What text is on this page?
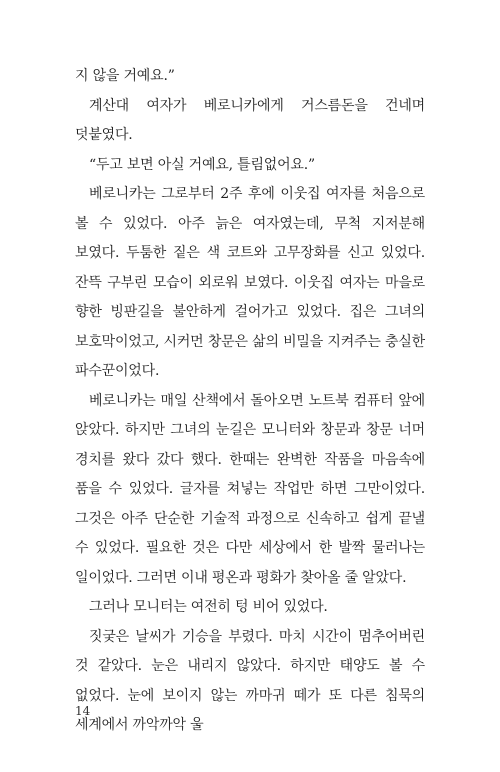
지 않을 거예요.”

계산대 여자가 베로니카에게 거스름돈을 건네며 덧붙였다.

“두고 보면 아실 거예요, 틀림없어요.”

베로니카는 그로부터 2주 후에 이웃집 여자를 처음으로 볼 수 있었다. 아주 늙은 여자였는데, 무척 지저분해 보였다. 두툼한 짙은 색 코트와 고무장화를 신고 있었다. 잔뜩 구부린 모습이 외로워 보였다. 이웃집 여자는 마을로 향한 빙판길을 불안하게 걸어가고 있었다. 집은 그녀의 보호막이었고, 시커먼 창문은 삶의 비밀을 지켜주는 충실한 파수꾼이었다.

베로니카는 매일 산책에서 돌아오면 노트북 컴퓨터 앞에 앉았다. 하지만 그녀의 눈길은 모니터와 창문과 창문 너머 경치를 왔다 갔다 했다. 한때는 완벽한 작품을 마음속에 품을 수 있었다. 글자를 쳐넣는 작업만 하면 그만이었다. 그것은 아주 단순한 기술적 과정으로 신속하고 쉽게 끝낼 수 있었다. 필요한 것은 다만 세상에서 한 발짝 물러나는 일이었다. 그러면 이내 평온과 평화가 찾아올 줄 알았다.

그러나 모니터는 여전히 텅 비어 있었다.

짓궂은 날씨가 기승을 부렸다. 마치 시간이 멈추어버린 것 같았다. 눈은 내리지 않았다. 하지만 태양도 볼 수 없었다. 눈에 보이지 않는 까마귀 떼가 또 다른 침묵의 세계에서 까악까악 울

14
